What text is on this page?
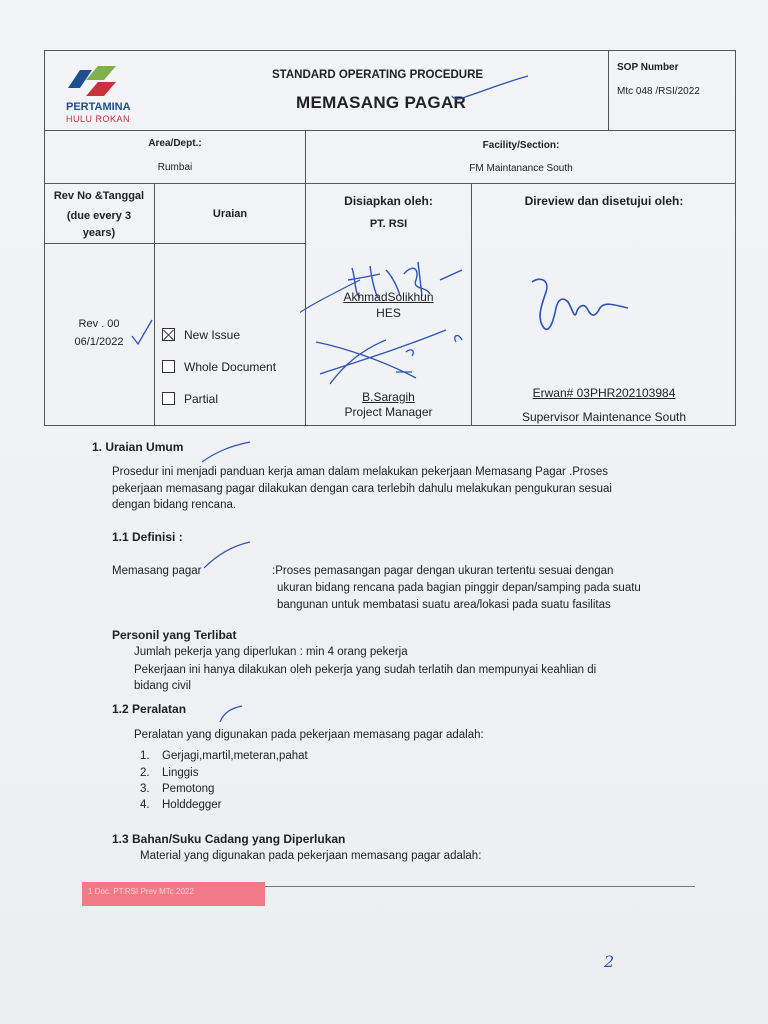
PERTAMINA
HULU ROKAN
STANDARD OPERATING PROCEDURE
MEMASANG PAGAR
SOP Number
Mtc 048 /RSI/2022
Area/Dept.:
Rumbai
Facility/Section:
FM Maintanance South
Rev No &Tanggal
(due every 3
years)
Uraian
Disiapkan oleh:
PT. RSI
Direview dan disetujui oleh:
Rev . 00
06/1/2022	New Issue
Whole Document
Partial
AkhmadSolikhun
HES
B.Saragih
Project Manager
Erwan# 03PHR202103984
Supervisor Maintenance South
1. Uraian Umum
Prosedur ini menjadi panduan kerja aman dalam melakukan pekerjaan Memasang Pagar .Proses
pekerjaan memasang pagar dilakukan dengan cara terlebih dahulu melakukan pengukuran sesuai
dengan bidang rencana.
1.1 Definisi :
Memasang pagar	:Proses pemasangan pagar dengan ukuran tertentu sesuai dengan
ukuran bidang rencana pada bagian pinggir depan/samping pada suatu
bangunan untuk membatasi suatu area/lokasi pada suatu fasilitas
Personil yang Terlibat
Jumlah pekerja yang diperlukan : min 4 orang pekerja
Pekerjaan ini hanya dilakukan oleh pekerja yang sudah terlatih dan mempunyai keahlian di
bidang civil
1.2 Peralatan
Peralatan yang digunakan pada pekerjaan memasang pagar adalah:
1. Gerjagi,martil,meteran,pahat
2. Linggis
3. Pemotong
4. Holddegger
1.3 Bahan/Suku Cadang yang Diperlukan
Material yang digunakan pada pekerjaan memasang pagar adalah:
1 Doc. PT.RSI Prev MTc 2022
2
